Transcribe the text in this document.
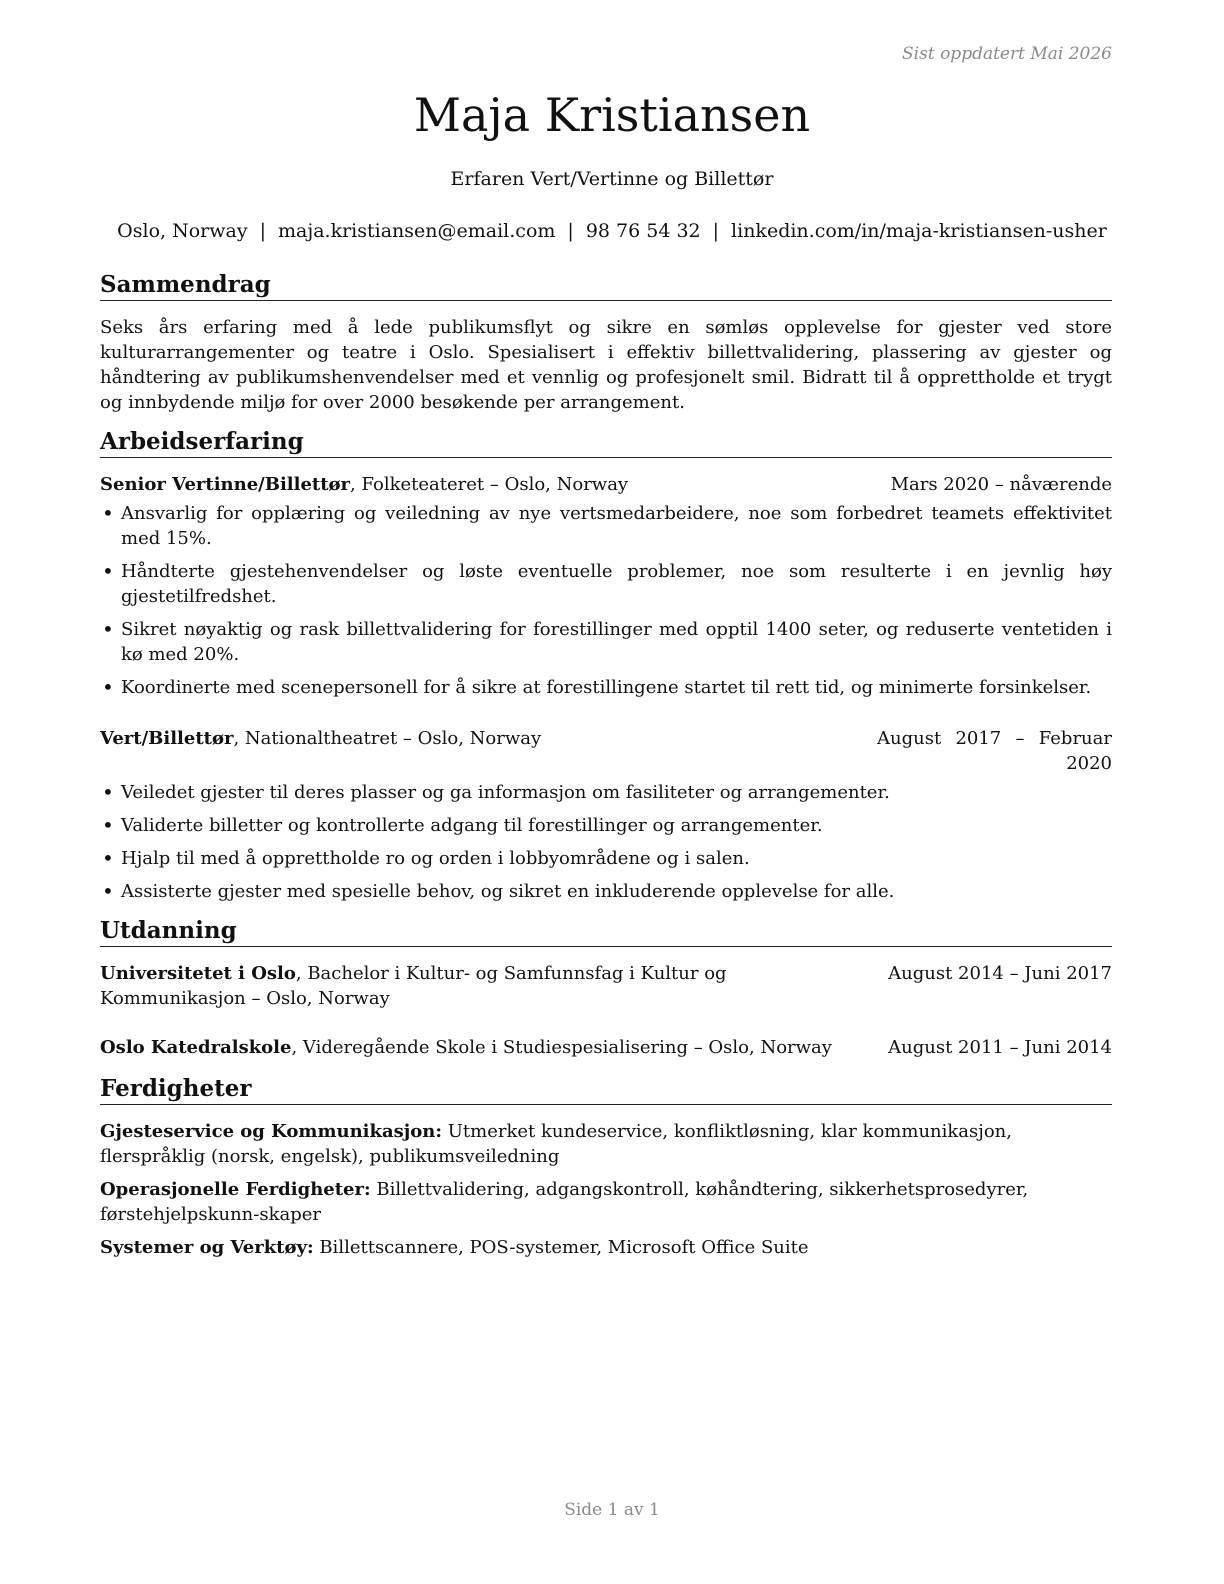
Sist oppdatert Mai 2026
Maja Kristiansen
Erfaren Vert/Vertinne og Billettør
Oslo, Norway | maja.kristiansen@email.com | 98 76 54 32 | linkedin.com/in/maja-kristiansen-usher
Sammendrag

Seks års erfaring med å lede publikumsflyt og sikre en sømløs opplevelse for gjester ved store kulturarrangementer og teatre i Oslo. Spesialisert i effektiv billettvalidering, plassering av gjester og håndtering av publikumshenvendelser med et vennlig og profesjonelt smil. Bidratt til å opprettholde et trygt og innbydende miljø for over 2000 besøkende per arrangement.

Arbeidserfaring
Senior Vertinne/Billettør, Folketeateret – Oslo, Norway	Mars 2020 – nåværende
• Ansvarlig for opplæring og veiledning av nye vertsmedarbeidere, noe som forbedret teamets effektivitet med 15%.
• Håndterte gjestehenvendelser og løste eventuelle problemer, noe som resulterte i en jevnlig høy gjestetilfredshet.
• Sikret nøyaktig og rask billettvalidering for forestillinger med opptil 1400 seter, og reduserte ventetiden i kø med 20%.
• Koordinerte med scenepersonell for å sikre at forestillingene startet til rett tid, og minimerte forsinkelser.
Vert/Billettør, Nationaltheatret – Oslo, Norway	August 2017 – Februar 2020
• Veiledet gjester til deres plasser og ga informasjon om fasiliteter og arrangementer.
• Validerte billetter og kontrollerte adgang til forestillinger og arrangementer.
• Hjalp til med å opprettholde ro og orden i lobbyområdene og i salen.
• Assisterte gjester med spesielle behov, og sikret en inkluderende opplevelse for alle.
Utdanning
Universitetet i Oslo, Bachelor i Kultur- og Samfunnsfag i Kultur og Kommunikasjon – Oslo, Norway
August 2014 – Juni 2017
Oslo Katedralskole, Videregående Skole i Studiespesialisering – Oslo, Norway	August 2011 – Juni 2014
Ferdigheter
Gjesteservice og Kommunikasjon: Utmerket kundeservice, konfliktløsning, klar kommunikasjon, flerspråklig (norsk, engelsk), publikumsveiledning
Operasjonelle Ferdigheter: Billettvalidering, adgangskontroll, køhåndtering, sikkerhetsprosedyrer, førstehjelpskunn-skaper
Systemer og Verktøy: Billettscannere, POS-systemer, Microsoft Office Suite
Side 1 av 1
